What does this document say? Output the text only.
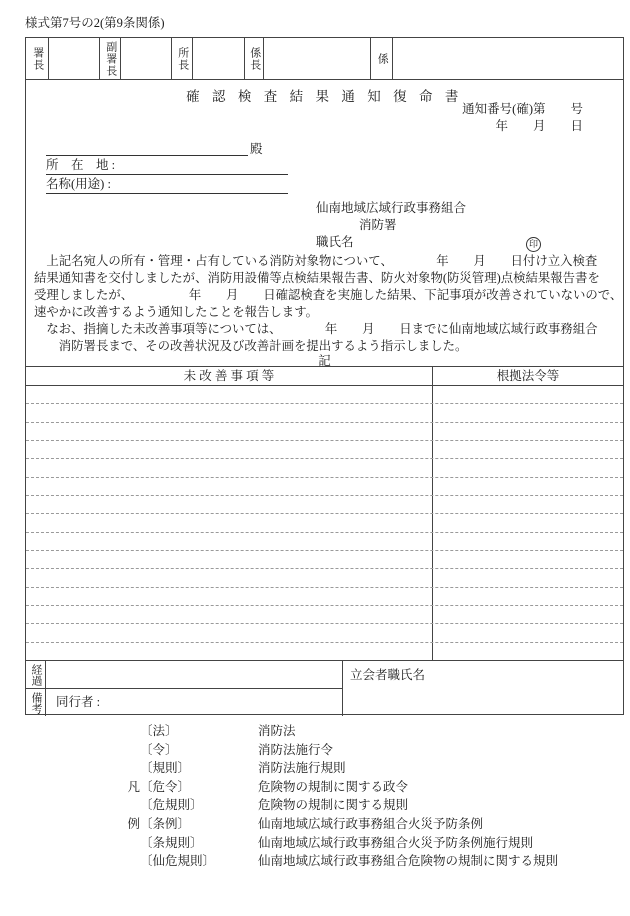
様式第7号の2(第9条関係)
署長	副署長	所長	係長	係
確 認 検 査 結 果 通 知 復 命 書
通知番号(確)第　　号
年　　月　　日
殿
所　在　地 :
名称(用途) :
仙南地域広域行政事務組合
消防署
職氏名	印
　上記名宛人の所有・管理・占有している消防対象物について、　　　　年　　月　　日付け立入検査
結果通知書を交付しましたが、消防用設備等点検結果報告書、防火対象物(防災管理)点検結果報告書を
受理しましたが、　　　　　年　　月　　日確認検査を実施した結果、下記事項が改善されていないので、
速やかに改善するよう通知したことを報告します。
　なお、指摘した未改善事項等については、　　　　年　　月　　日までに仙南地域広域行政事務組合
　　消防署長まで、その改善状況及び改善計画を提出するよう指示しました。
記
未 改 善 事 項 等	根拠法令等
経過	立会者職氏名
備考	同行者 :
〔法〕	消防法
〔令〕	消防法施行令
〔規則〕	消防法施行規則
凡 〔危令〕	危険物の規制に関する政令
〔危規則〕	危険物の規制に関する規則
例 〔条例〕	仙南地域広域行政事務組合火災予防条例
〔条規則〕	仙南地域広域行政事務組合火災予防条例施行規則
〔仙危規則〕	仙南地域広域行政事務組合危険物の規制に関する規則
